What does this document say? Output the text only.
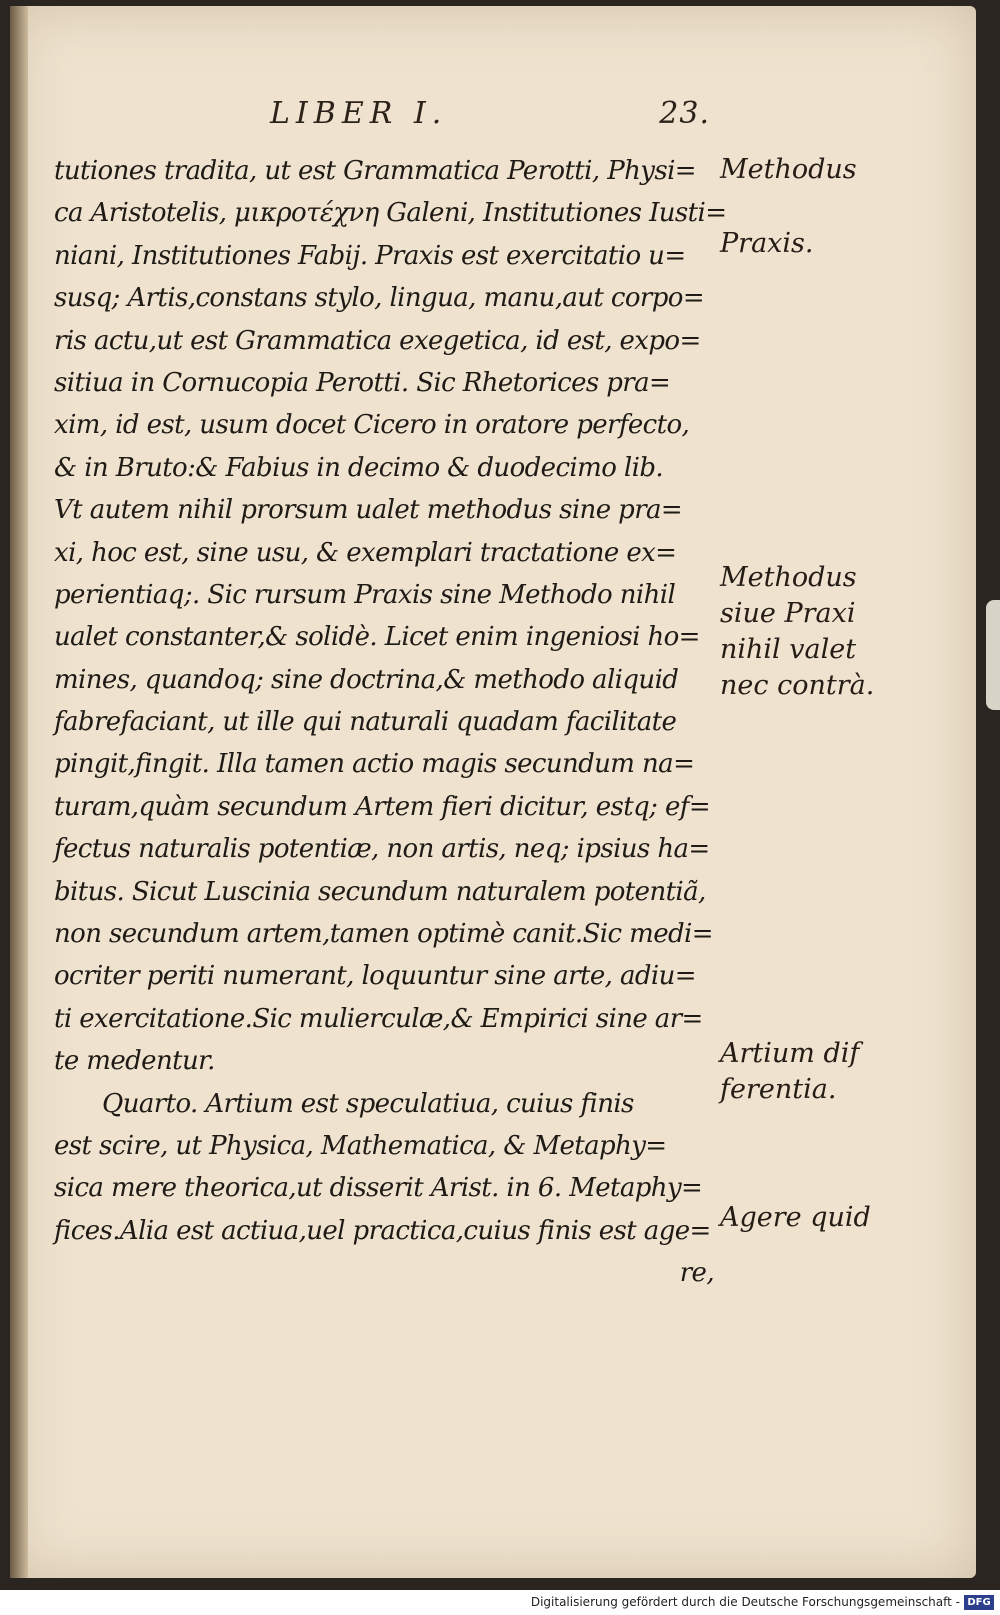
LIBER I.	23.
tutiones tradita, ut est Grammatica Perotti, Physi=
ca Aristotelis, μικροτέχνη Galeni, Institutiones Iusti=
niani, Institutiones Fabij. Praxis est exercitatio u=
susq; Artis,constans stylo, lingua, manu,aut corpo=
ris actu,ut est Grammatica exegetica, id est, expo=
sitiua in Cornucopia Perotti. Sic Rhetorices pra=
xim, id est, usum docet Cicero in oratore perfecto,
& in Bruto:& Fabius in decimo & duodecimo lib.
Vt autem nihil prorsum ualet methodus sine pra=
xi, hoc est, sine usu, & exemplari tractatione ex=
perientiaq;. Sic rursum Praxis sine Methodo nihil
ualet constanter,& solidè. Licet enim ingeniosi ho=
mines, quandoq; sine doctrina,& methodo aliquid
fabrefaciant, ut ille qui naturali quadam facilitate
pingit,fingit. Illa tamen actio magis secundum na=
turam,quàm secundum Artem fieri dicitur, estq; ef=
fectus naturalis potentiæ, non artis, neq; ipsius ha=
bitus. Sicut Luscinia secundum naturalem potentiã,
non secundum artem,tamen optimè canit.Sic medi=
ocriter periti numerant, loquuntur sine arte, adiu=
ti exercitatione.Sic mulierculæ,& Empirici sine ar=
te medentur.
Quarto. Artium est speculatiua, cuius finis
est scire, ut Physica, Mathematica, & Metaphy=
sica mere theorica,ut disserit Arist. in 6. Metaphy=
fices.Alia est actiua,uel practica,cuius finis est age=
re,
Methodus
Praxis.
Methodus
siue Praxi
nihil valet
nec contrà.
Artium dif
ferentia.
Agere quid
Digitalisierung gefördert durch die Deutsche Forschungsgemeinschaft - DFG
